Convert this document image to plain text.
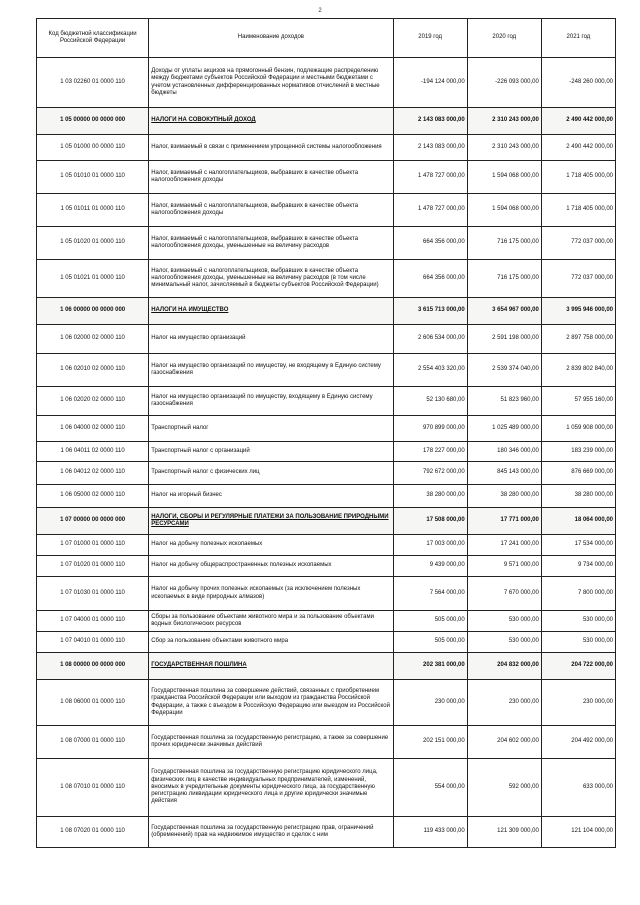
2
Код бюджетной классификации Российской Федерации	Наименование доходов	2019 год	2020 год	2021 год
1 03 02260 01 0000 110	Доходы от уплаты акцизов на прямогонный бензин, подлежащие распределению между бюджетами субъектов Российской Федерации и местными бюджетами с учетом установленных дифференцированных нормативов отчислений в местные бюджеты	-194 124 000,00	-226 093 000,00	-248 260 000,00
1 05 00000 00 0000 000	НАЛОГИ НА СОВОКУПНЫЙ ДОХОД	2 143 083 000,00	2 310 243 000,00	2 490 442 000,00
1 05 01000 00 0000 110	Налог, взимаемый в связи с применением упрощенной системы налогообложения	2 143 083 000,00	2 310 243 000,00	2 490 442 000,00
1 05 01010 01 0000 110	Налог, взимаемый с налогоплательщиков, выбравших в качестве объекта налогообложения доходы	1 478 727 000,00	1 594 068 000,00	1 718 405 000,00
1 05 01011 01 0000 110	Налог, взимаемый с налогоплательщиков, выбравших в качестве объекта налогообложения доходы	1 478 727 000,00	1 594 068 000,00	1 718 405 000,00
1 05 01020 01 0000 110	Налог, взимаемый с налогоплательщиков, выбравших в качестве объекта налогообложения доходы, уменьшенные на величину расходов	664 356 000,00	716 175 000,00	772 037 000,00
1 05 01021 01 0000 110	Налог, взимаемый с налогоплательщиков, выбравших в качестве объекта налогообложения доходы, уменьшенные на величину расходов (в том числе минимальный налог, зачисляемый в бюджеты субъектов Российской Федерации)	664 356 000,00	716 175 000,00	772 037 000,00
1 06 00000 00 0000 000	НАЛОГИ НА ИМУЩЕСТВО	3 615 713 000,00	3 654 967 000,00	3 995 946 000,00
1 06 02000 02 0000 110	Налог на имущество организаций	2 606 534 000,00	2 591 198 000,00	2 897 758 000,00
1 06 02010 02 0000 110	Налог на имущество организаций по имуществу, не входящему в Единую систему газоснабжения	2 554 403 320,00	2 539 374 040,00	2 839 802 840,00
1 06 02020 02 0000 110	Налог на имущество организаций по имуществу, входящему в Единую систему газоснабжения	52 130 680,00	51 823 960,00	57 955 160,00
1 06 04000 02 0000 110	Транспортный налог	970 899 000,00	1 025 489 000,00	1 059 908 000,00
1 06 04011 02 0000 110	Транспортный налог с организаций	178 227 000,00	180 346 000,00	183 239 000,00
1 06 04012 02 0000 110	Транспортный налог с физических лиц	792 672 000,00	845 143 000,00	876 669 000,00
1 06 05000 02 0000 110	Налог на игорный бизнес	38 280 000,00	38 280 000,00	38 280 000,00
1 07 00000 00 0000 000	НАЛОГИ, СБОРЫ И РЕГУЛЯРНЫЕ ПЛАТЕЖИ ЗА ПОЛЬЗОВАНИЕ ПРИРОДНЫМИ РЕСУРСАМИ	17 508 000,00	17 771 000,00	18 064 000,00
1 07 01000 01 0000 110	Налог на добычу полезных ископаемых	17 003 000,00	17 241 000,00	17 534 000,00
1 07 01020 01 0000 110	Налог на добычу общераспространенных полезных ископаемых	9 439 000,00	9 571 000,00	9 734 000,00
1 07 01030 01 0000 110	Налог на добычу прочих полезных ископаемых (за исключением полезных ископаемых в виде природных алмазов)	7 564 000,00	7 670 000,00	7 800 000,00
1 07 04000 01 0000 110	Сборы за пользование объектами животного мира и за пользование объектами водных биологических ресурсов	505 000,00	530 000,00	530 000,00
1 07 04010 01 0000 110	Сбор за пользование объектами животного мира	505 000,00	530 000,00	530 000,00
1 08 00000 00 0000 000	ГОСУДАРСТВЕННАЯ ПОШЛИНА	202 381 000,00	204 832 000,00	204 722 000,00
1 08 06000 01 0000 110	Государственная пошлина за совершение действий, связанных с приобретением гражданства Российской Федерации или выходом из гражданства Российской Федерации, а также с въездом в Российскую Федерацию или выездом из Российской Федерации	230 000,00	230 000,00	230 000,00
1 08 07000 01 0000 110	Государственная пошлина за государственную регистрацию, а также за совершение прочих юридически значимых действий	202 151 000,00	204 602 000,00	204 492 000,00
1 08 07010 01 0000 110	Государственная пошлина за государственную регистрацию юридического лица, физических лиц в качестве индивидуальных предпринимателей, изменений, вносимых в учредительные документы юридического лица, за государственную регистрацию ликвидации юридического лица и другие юридически значимые действия	554 000,00	592 000,00	633 000,00
1 08 07020 01 0000 110	Государственная пошлина за государственную регистрацию прав, ограничений (обременений) прав на недвижимое имущество и сделок с ним	119 433 000,00	121 309 000,00	121 104 000,00
